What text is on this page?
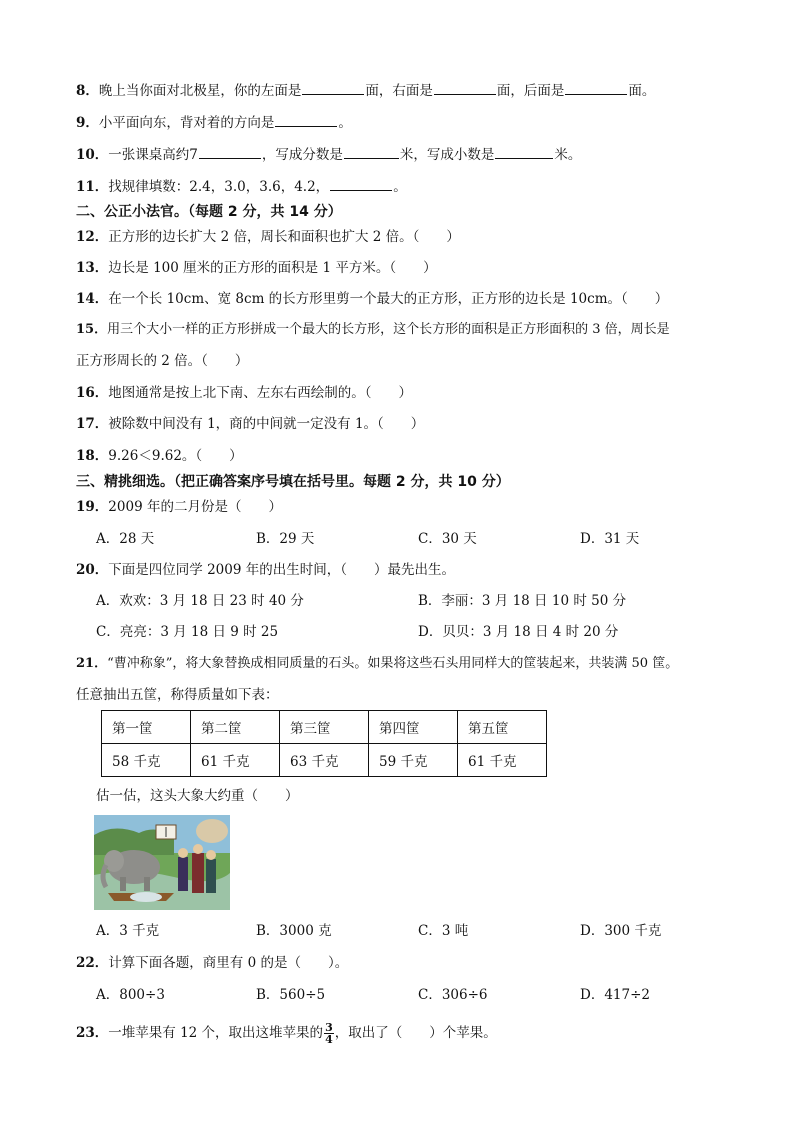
8．晚上当你面对北极星，你的左面是	面，右面是	面，后面是	面。
9．小平面向东，背对着的方向是	。
10．一张课桌高约7	，写成分数是	米，写成小数是	米。
11．找规律填数：2.4，3.0，3.6，4.2，	。
二、公正小法官。（每题 2 分，共 14 分）
12．正方形的边长扩大 2 倍，周长和面积也扩大 2 倍。（　　）
13．边长是 100 厘米的正方形的面积是 1 平方米。（　　）
14．在一个长 10cm、宽 8cm 的长方形里剪一个最大的正方形，正方形的边长是 10cm。（　　）
15．用三个大小一样的正方形拼成一个最大的长方形，这个长方形的面积是正方形面积的 3 倍，周长是
正方形周长的 2 倍。（　　）
16．地图通常是按上北下南、左东右西绘制的。（　　）
17．被除数中间没有 1，商的中间就一定没有 1。（　　）
18．9.26＜9.62。（　　）
三、精挑细选。（把正确答案序号填在括号里。每题 2 分，共 10 分）
19．2009 年的二月份是（　　）
A．28 天	B．29 天	C．30 天	D．31 天
20．下面是四位同学 2009 年的出生时间，（　　）最先出生。
A．欢欢：3 月 18 日 23 时 40 分	B．李丽：3 月 18 日 10 时 50 分
C．亮亮：3 月 18 日 9 时 25	D．贝贝：3 月 18 日 4 时 20 分
21．“曹冲称象”，将大象替换成相同质量的石头。如果将这些石头用同样大的筐装起来，共装满 50 筐。
任意抽出五筐，称得质量如下表：
第一筐	第二筐	第三筐	第四筐	第五筐
58 千克	61 千克	63 千克	59 千克	61 千克
估一估，这头大象大约重（　　）
A．3 千克	B．3000 克	C．3 吨	D．300 千克
22．计算下面各题，商里有 0 的是（　　）。
A．800÷3	B．560÷5	C．306÷6	D．417÷2
23．一堆苹果有 12 个，取出这堆苹果的 $\frac{3}{4}$ ，取出了（　　）个苹果。
